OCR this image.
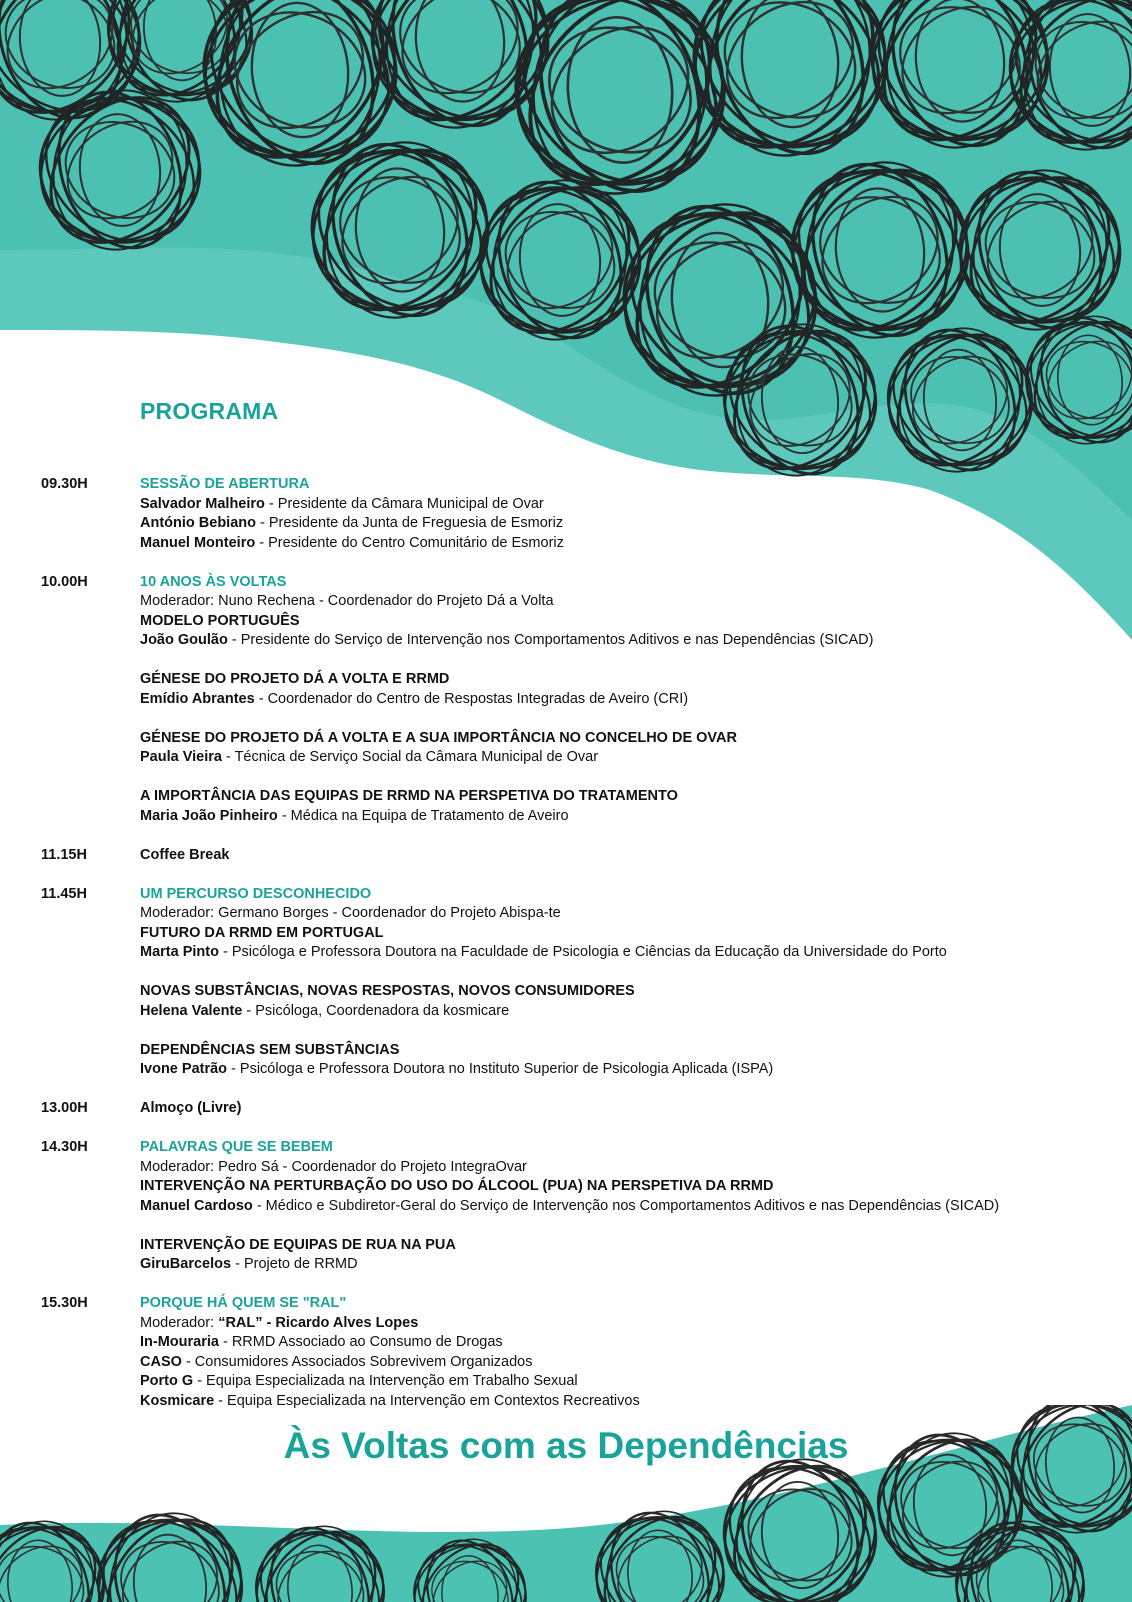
PROGRAMA
09.30H	SESSÃO DE ABERTURA
Salvador Malheiro - Presidente da Câmara Municipal de Ovar
António Bebiano - Presidente da Junta de Freguesia de Esmoriz
Manuel Monteiro - Presidente do Centro Comunitário de Esmoriz
10.00H	10 ANOS ÀS VOLTAS
Moderador: Nuno Rechena - Coordenador do Projeto Dá a Volta
MODELO PORTUGUÊS
João Goulão - Presidente do Serviço de Intervenção nos Comportamentos Aditivos e nas Dependências (SICAD)
GÉNESE DO PROJETO DÁ A VOLTA E RRMD
Emídio Abrantes - Coordenador do Centro de Respostas Integradas de Aveiro (CRI)
GÉNESE DO PROJETO DÁ A VOLTA E A SUA IMPORTÂNCIA NO CONCELHO DE OVAR
Paula Vieira - Técnica de Serviço Social da Câmara Municipal de Ovar
A IMPORTÂNCIA DAS EQUIPAS DE RRMD NA PERSPETIVA DO TRATAMENTO
Maria João Pinheiro - Médica na Equipa de Tratamento de Aveiro
11.15H	Coffee Break
11.45H	UM PERCURSO DESCONHECIDO
Moderador: Germano Borges - Coordenador do Projeto Abispa-te
FUTURO DA RRMD EM PORTUGAL
Marta Pinto - Psicóloga e Professora Doutora na Faculdade de Psicologia e Ciências da Educação da Universidade do Porto
NOVAS SUBSTÂNCIAS, NOVAS RESPOSTAS, NOVOS CONSUMIDORES
Helena Valente - Psicóloga, Coordenadora da kosmicare
DEPENDÊNCIAS SEM SUBSTÂNCIAS
Ivone Patrão - Psicóloga e Professora Doutora no Instituto Superior de Psicologia Aplicada (ISPA)
13.00H	Almoço (Livre)
14.30H	PALAVRAS QUE SE BEBEM
Moderador: Pedro Sá - Coordenador do Projeto IntegraOvar
INTERVENÇÃO NA PERTURBAÇÃO DO USO DO ÁLCOOL (PUA) NA PERSPETIVA DA RRMD
Manuel Cardoso - Médico e Subdiretor-Geral do Serviço de Intervenção nos Comportamentos Aditivos e nas Dependências (SICAD)
INTERVENÇÃO DE EQUIPAS DE RUA NA PUA
GiruBarcelos - Projeto de RRMD
15.30H	PORQUE HÁ QUEM SE "RAL"
Moderador: “RAL” - Ricardo Alves Lopes
In-Mouraria - RRMD Associado ao Consumo de Drogas
CASO - Consumidores Associados Sobrevivem Organizados
Porto G - Equipa Especializada na Intervenção em Trabalho Sexual
Kosmicare - Equipa Especializada na Intervenção em Contextos Recreativos
Às Voltas com as Dependências
